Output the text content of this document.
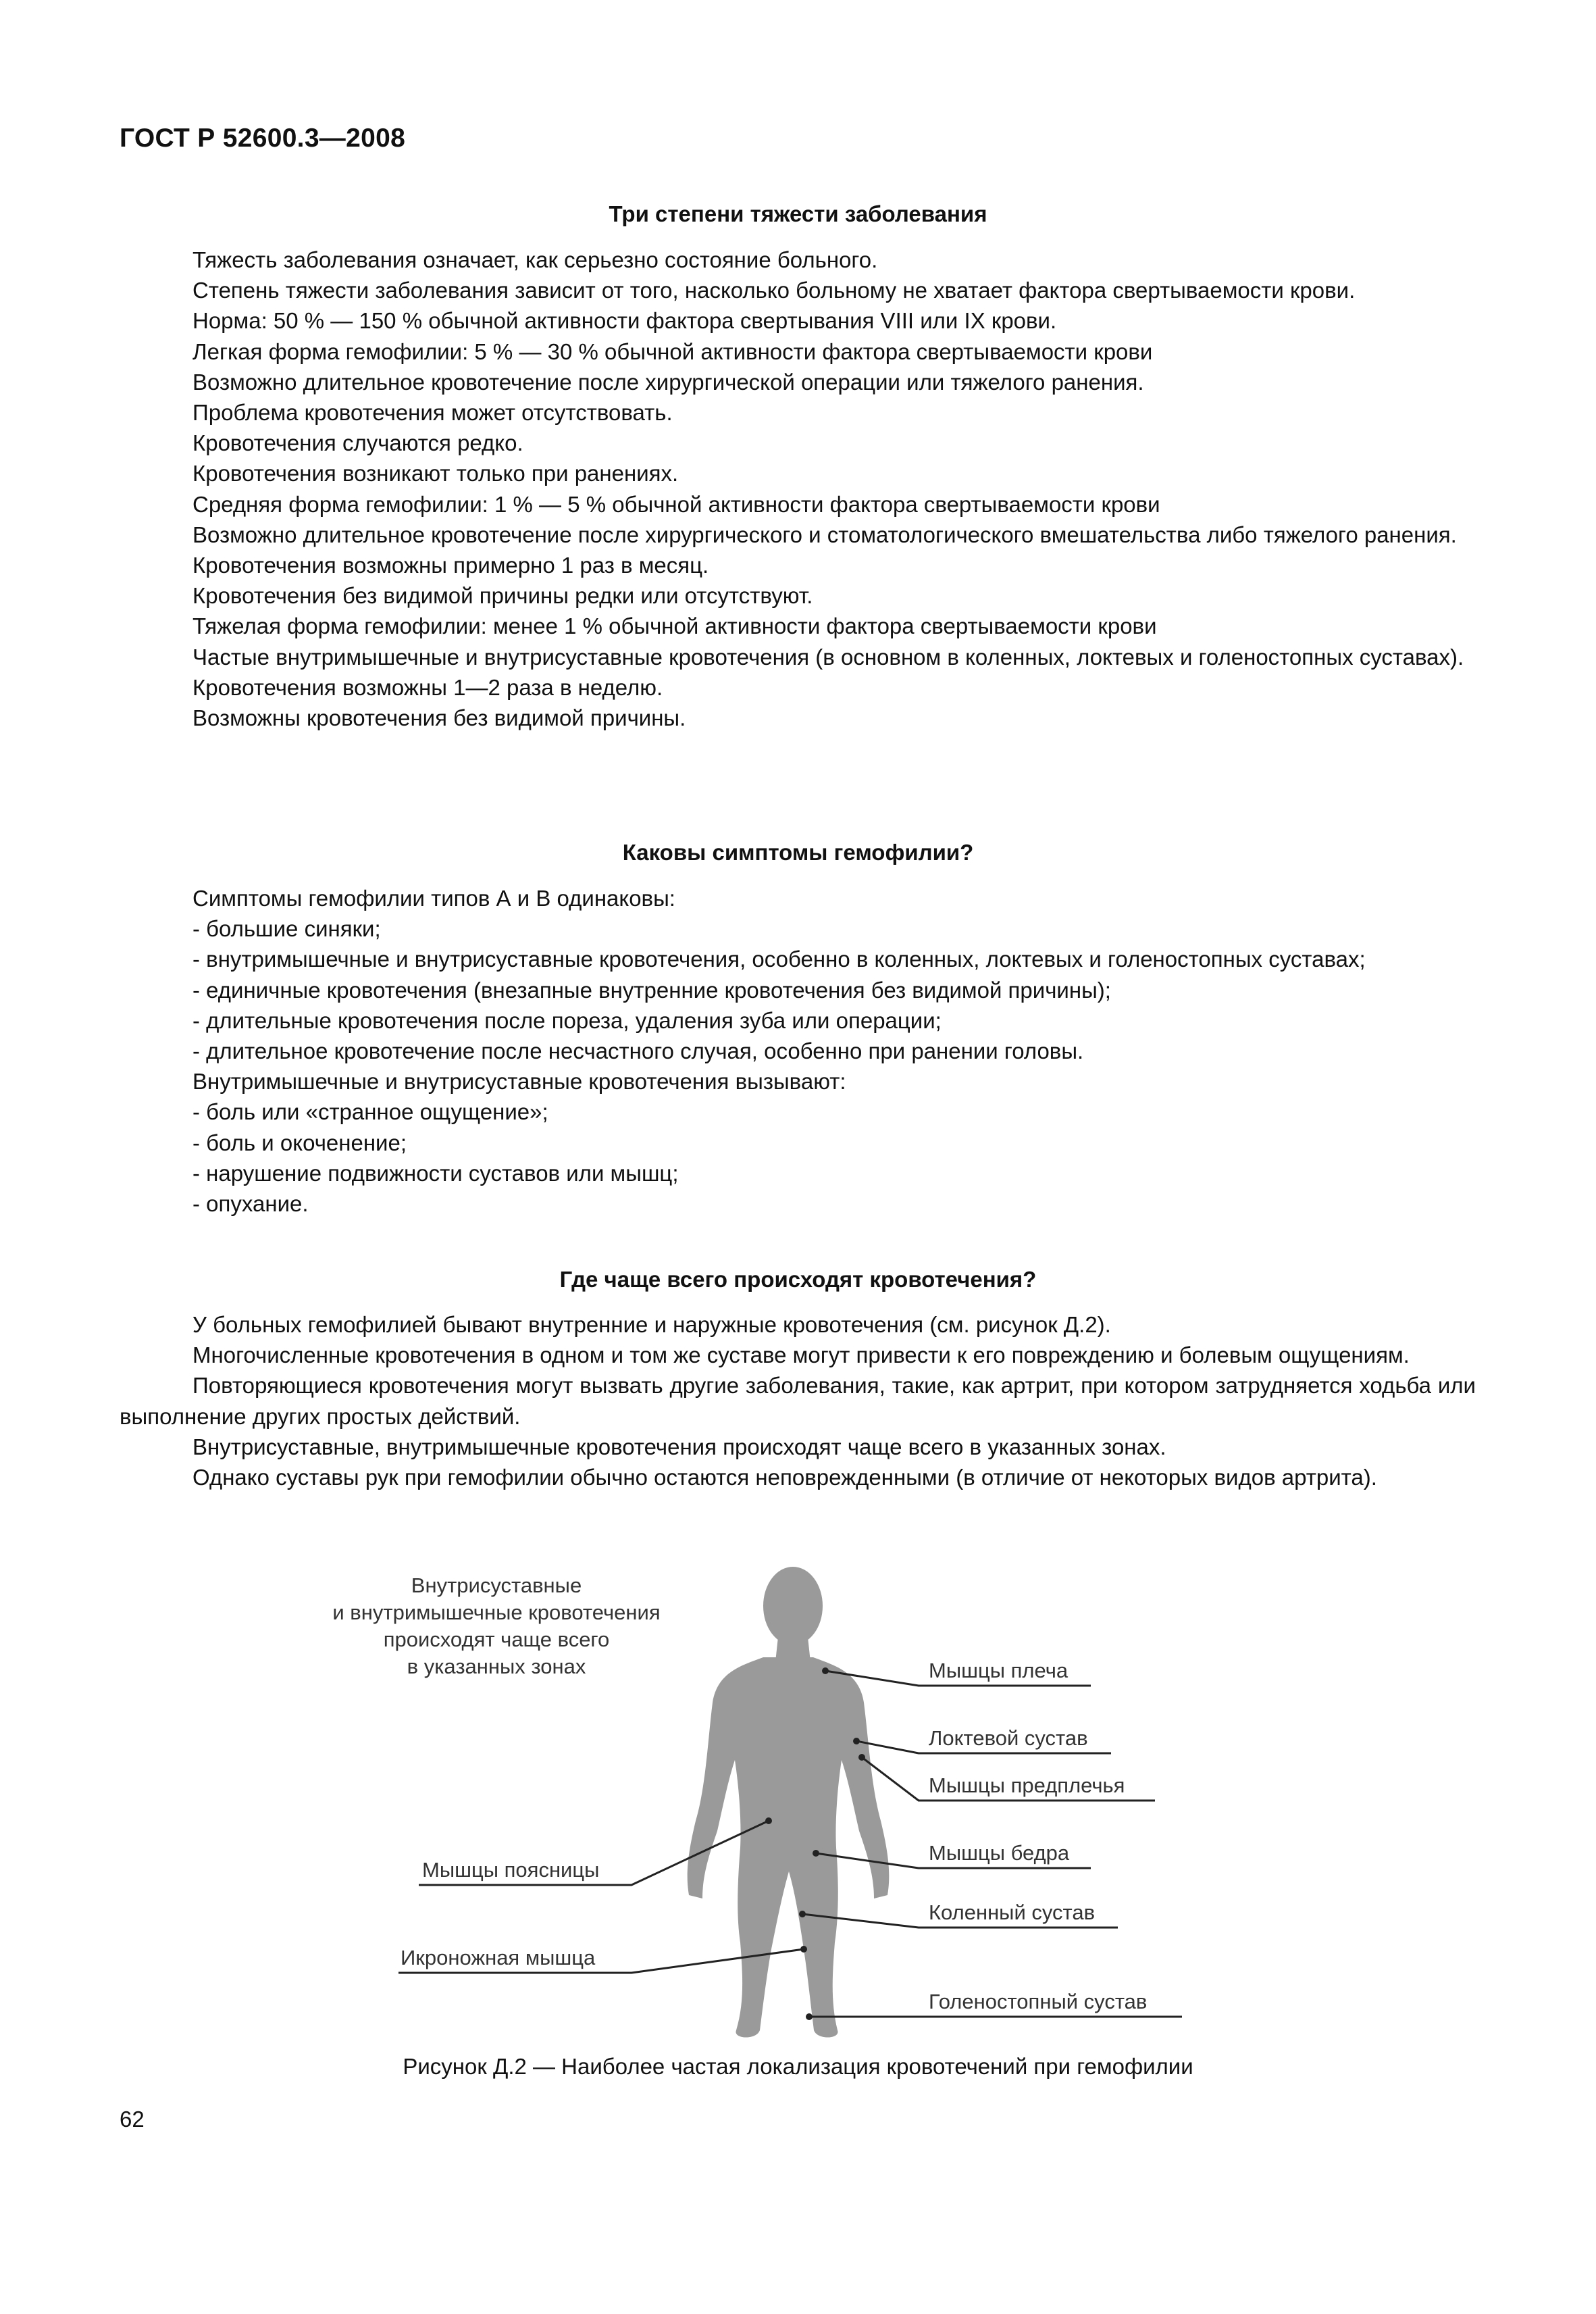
ГОСТ Р 52600.3—2008
Три степени тяжести заболевания

Тяжесть заболевания означает, как серьезно состояние больного.

Степень тяжести заболевания зависит от того, насколько больному не хватает фактора свертываемости крови.

Норма: 50 % — 150 % обычной активности фактора свертывания VIII или IX крови.

Легкая форма гемофилии: 5 % — 30 % обычной активности фактора свертываемости крови

Возможно длительное кровотечение после хирургической операции или тяжелого ранения.

Проблема кровотечения может отсутствовать.

Кровотечения случаются редко.

Кровотечения возникают только при ранениях.

Средняя форма гемофилии: 1 % — 5 % обычной активности фактора свертываемости крови

Возможно длительное кровотечение после хирургического и стоматологического вмешательства либо тяжелого ранения.

Кровотечения возможны примерно 1 раз в месяц.

Кровотечения без видимой причины редки или отсутствуют.

Тяжелая форма гемофилии: менее 1 % обычной активности фактора свертываемости крови

Частые внутримышечные и внутрисуставные кровотечения (в основном в коленных, локтевых и голеностопных суставах).

Кровотечения возможны 1—2 раза в неделю.

Возможны кровотечения без видимой причины.

Каковы симптомы гемофилии?

Симптомы гемофилии типов А и В одинаковы:

- большие синяки;

- внутримышечные и внутрисуставные кровотечения, особенно в коленных, локтевых и голеностопных суставах;

- единичные кровотечения (внезапные внутренние кровотечения без видимой причины);

- длительные кровотечения после пореза, удаления зуба или операции;

- длительное кровотечение после несчастного случая, особенно при ранении головы.

Внутримышечные и внутрисуставные кровотечения вызывают:

- боль или «странное ощущение»;

- боль и окоченение;

- нарушение подвижности суставов или мышц;

- опухание.

Где чаще всего происходят кровотечения?

У больных гемофилией бывают внутренние и наружные кровотечения (см. рисунок Д.2).

Многочисленные кровотечения в одном и том же суставе могут привести к его повреждению и болевым ощущениям.

Повторяющиеся кровотечения могут вызвать другие заболевания, такие, как артрит, при котором затрудняется ходьба или выполнение других простых действий.

Внутрисуставные, внутримышечные кровотечения происходят чаще всего в указанных зонах.

Однако суставы рук при гемофилии обычно остаются неповрежденными (в отличие от некоторых видов артрита).

Внутрисуставные
и внутримышечные кровотечения
происходят чаще всего
в указанных зонах	Мышцы плеча
Локтевой сустав
Мышцы предплечья
Мышцы поясницы
Мышцы бедра
Коленный сустав
Икроножная мышца
Голеностопный сустав
Рисунок Д.2 — Наиболее частая локализация кровотечений при гемофилии
62
